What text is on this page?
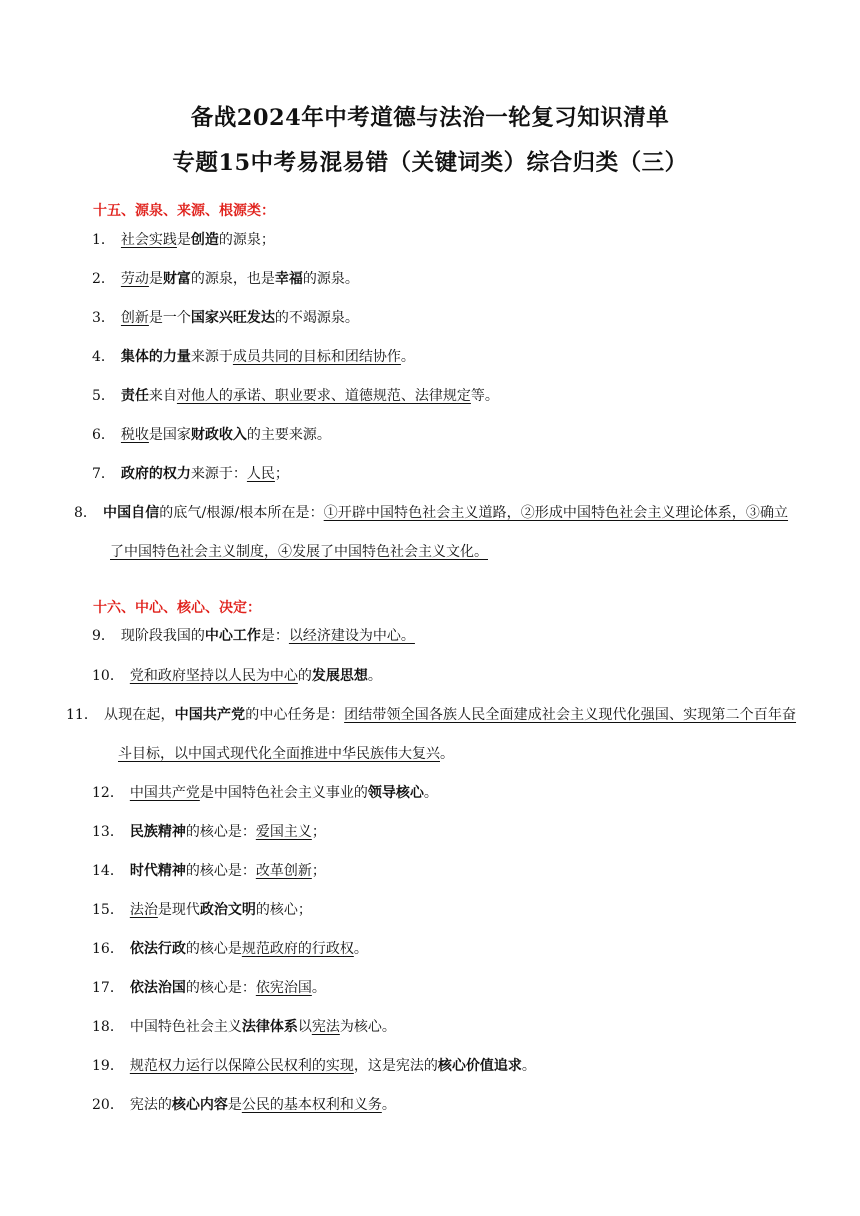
备战2024年中考道德与法治一轮复习知识清单
专题15中考易混易错（关键词类）综合归类（三）
十五、源泉、来源、根源类：
1． 社会实践是创造的源泉；
2． 劳动是财富的源泉，也是幸福的源泉。
3． 创新是一个国家兴旺发达的不竭源泉。
4． 集体的力量来源于成员共同的目标和团结协作。
5． 责任来自对他人的承诺、职业要求、道德规范、法律规定等。
6． 税收是国家财政收入的主要来源。
7． 政府的权力来源于：人民；
8． 中国自信的底气/根源/根本所在是：①开辟中国特色社会主义道路，②形成中国特色社会主义理论体系，③确立了中国特色社会主义制度，④发展了中国特色社会主义文化。
十六、中心、核心、决定：
9． 现阶段我国的中心工作是：以经济建设为中心。
10． 党和政府坚持以人民为中心的发展思想。
11． 从现在起，中国共产党的中心任务是：团结带领全国各族人民全面建成社会主义现代化强国、实现第二个百年奋斗目标，以中国式现代化全面推进中华民族伟大复兴。
12． 中国共产党是中国特色社会主义事业的领导核心。
13． 民族精神的核心是：爱国主义；
14． 时代精神的核心是：改革创新；
15． 法治是现代政治文明的核心；
16． 依法行政的核心是规范政府的行政权。
17． 依法治国的核心是：依宪治国。
18． 中国特色社会主义法律体系以宪法为核心。
19． 规范权力运行以保障公民权利的实现，这是宪法的核心价值追求。
20． 宪法的核心内容是公民的基本权利和义务。
